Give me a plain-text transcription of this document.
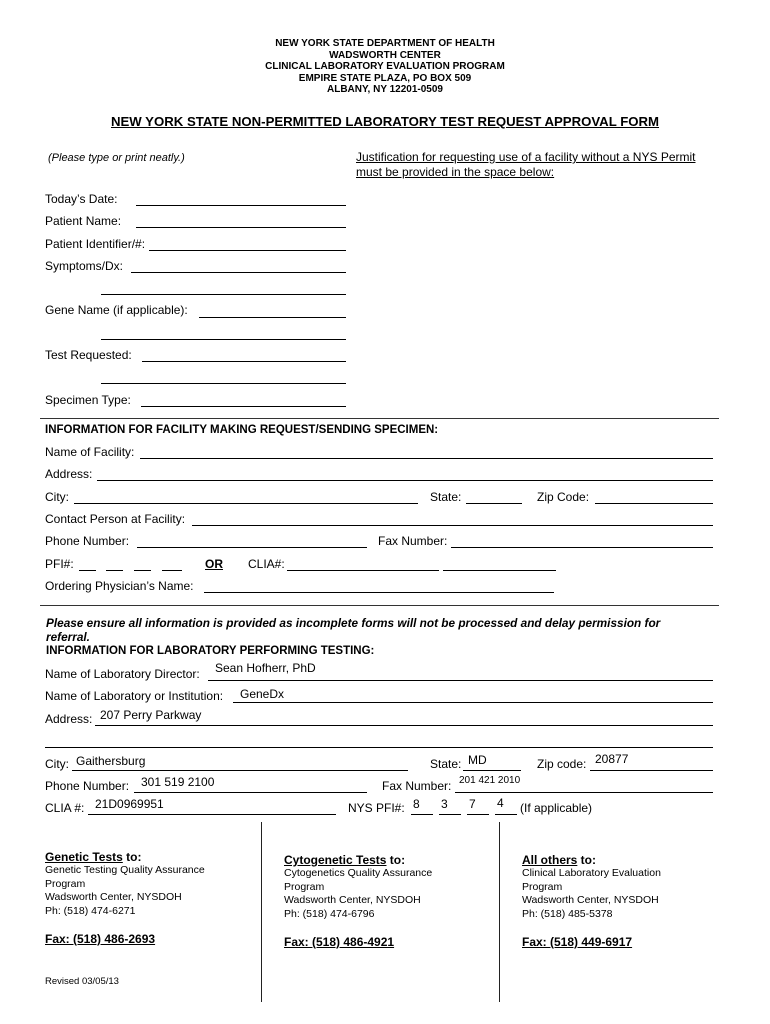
NEW YORK STATE DEPARTMENT OF HEALTH
WADSWORTH CENTER
CLINICAL LABORATORY EVALUATION PROGRAM
EMPIRE STATE PLAZA, PO BOX 509
ALBANY, NY 12201-0509
NEW YORK STATE NON-PERMITTED LABORATORY TEST REQUEST APPROVAL FORM
(Please type or print neatly.)	Justification for requesting use of a facility without a NYS Permit
must be provided in the space below:
Today’s Date:
Patient Name:
Patient Identifier/#:
Symptoms/Dx:
Gene Name (if applicable):
Test Requested:
Specimen Type:
INFORMATION FOR FACILITY MAKING REQUEST/SENDING SPECIMEN:
Name of Facility:
Address:
City:	State:	Zip Code:
Contact Person at Facility:
Phone Number:	Fax Number:
PFI#:	OR CLIA#:
Ordering Physician’s Name:
Please ensure all information is provided as incomplete forms will not be processed and delay permission for
referral.
INFORMATION FOR LABORATORY PERFORMING TESTING:
Name of Laboratory Director: Sean Hofherr, PhD
Name of Laboratory or Institution: GeneDx
Address: 207 Perry Parkway
City: Gaithersburg	State: MD	Zip code: 20877
Phone Number: 301 519 2100	Fax Number: 201 421 2010
CLIA #: 21D0969951	NYS PFI#: 8 3 7 4 (If applicable)
Genetic Tests to:
Genetic Testing Quality Assurance
Program
Wadsworth Center, NYSDOH
Ph: (518) 474-6271
Fax: (518) 486-2693
Cytogenetic Tests to:
Cytogenetics Quality Assurance
Program
Wadsworth Center, NYSDOH
Ph: (518) 474-6796
Fax: (518) 486-4921
All others to:
Clinical Laboratory Evaluation
Program
Wadsworth Center, NYSDOH
Ph: (518) 485-5378
Fax: (518) 449-6917
Revised 03/05/13
